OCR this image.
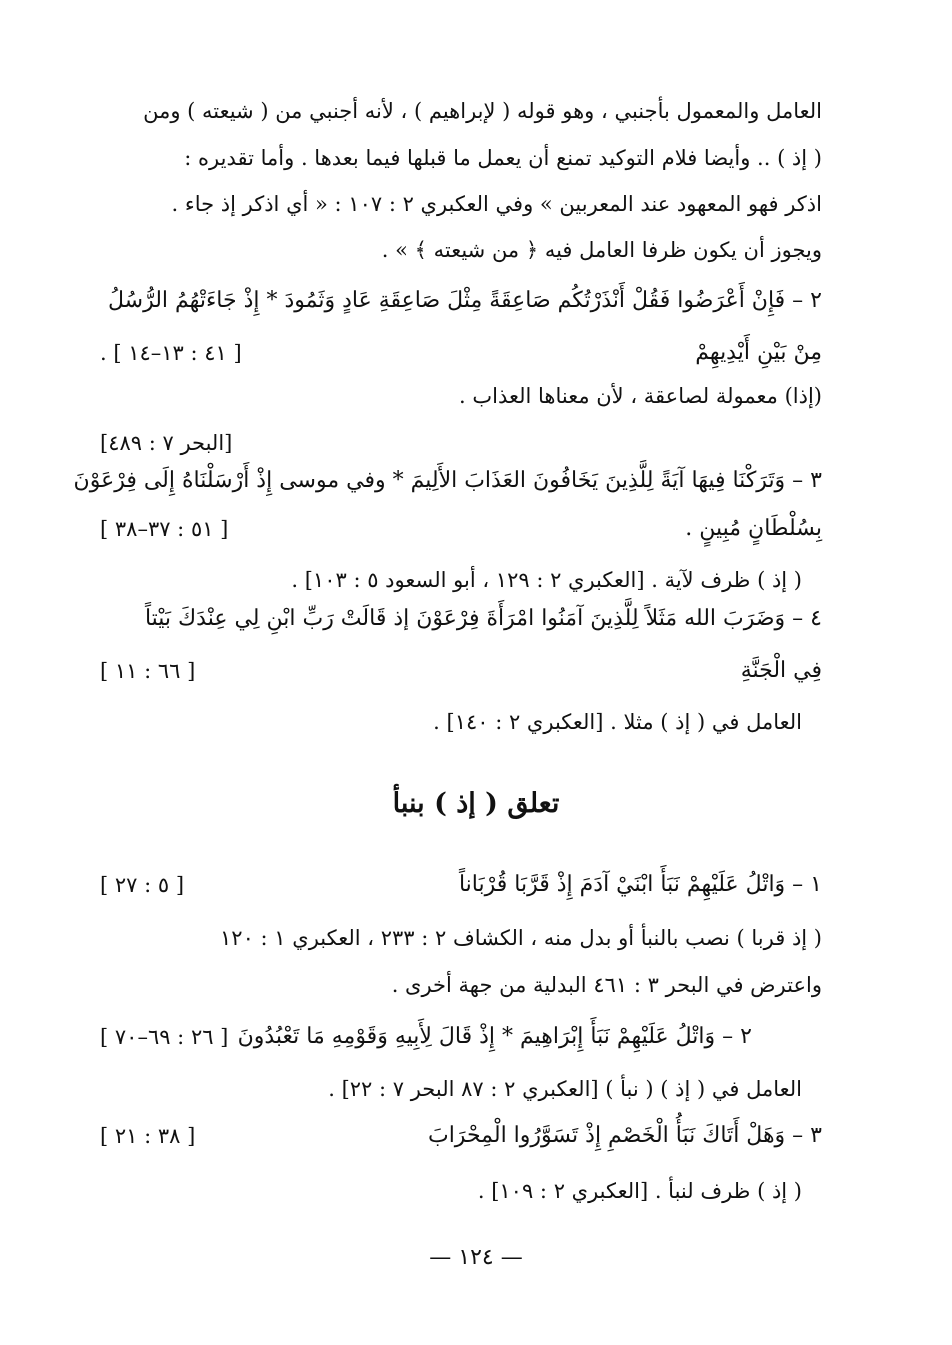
العامل والمعمول بأجنبي ، وهو قوله ( لإبراهيم ) ، لأنه أجنبي من ( شيعته ) ومن
( إذ ) .. وأيضا فلام التوكيد تمنع أن يعمل ما قبلها فيما بعدها . وأما تقديره :
اذكر فهو المعهود عند المعربين » وفي العكبري ٢ : ١٠٧ : « أي اذكر إذ جاء .
ويجوز أن يكون ظرفا العامل فيه ﴿ من شيعته ﴾ » .
٢ – فَإِنْ أَعْرَضُوا فَقُلْ أَنْذَرْتُكُم صَاعِقَةً مِثْلَ صَاعِقَةِ عَادٍ وَثَمُودَ * إِذْ جَاءَتْهُمُ الرُّسُلُ
مِنْ بَيْنِ أَيْدِيهِمْ
[ ٤١ : ١٣–١٤ ] .
(إذا) معمولة لصاعقة ، لأن معناها العذاب .
[البحر ٧ : ٤٨٩]
٣ – وَتَرَكْنَا فِيهَا آيَةً لِلَّذِينَ يَخَافُونَ العَذَابَ الأَلِيمَ * وفي موسى إِذْ أَرْسَلْنَاهُ إِلَى فِرْعَوْنَ
بِسُلْطَانٍ مُبِينٍ .
[ ٥١ : ٣٧–٣٨ ]
( إذ ) ظرف لآية . [العكبري ٢ : ١٢٩ ، أبو السعود ٥ : ١٠٣] .
٤ – وَضَرَبَ الله مَثَلاً لِلَّذِينَ آمَنُوا امْرَأَةَ فِرْعَوْنَ إذ قَالَتْ رَبِّ ابْنِ لِي عِنْدَكَ بَيْتاً
فِي الْجَنَّةِ
[ ٦٦ : ١١ ]
العامل في ( إذ ) مثلا . [العكبري ٢ : ١٤٠] .
تعلق ( إذ ) بنبأ
١ – وَاتْلُ عَلَيْهِمْ نَبَأَ ابْنَيْ آدَمَ إِذْ قَرَّبَا قُرْبَاناً
[ ٥ : ٢٧ ]
( إذ قربا ) نصب بالنبأ أو بدل منه ، الكشاف ٢ : ٢٣٣ ، العكبري ١ : ١٢٠
واعترض في البحر ٣ : ٤٦١ البدلية من جهة أخرى .
٢ – وَاتْلُ عَلَيْهِمْ نَبَأَ إِبْرَاهِيمَ * إِذْ قَالَ لِأَبِيهِ وَقَوْمِهِ مَا تَعْبُدُونَ
[ ٢٦ : ٦٩–٧٠ ]
العامل في ( إذ ) ( نبأ ) [العكبري ٢ : ٨٧ البحر ٧ : ٢٢] .
٣ – وَهَلْ أَتَاكَ نَبَأُ الْخَصْمِ إِذْ تَسَوَّرُوا الْمِحْرَابَ
[ ٣٨ : ٢١ ]
( إذ ) ظرف لنبأ . [العكبري ٢ : ١٠٩] .
— ١٢٤ —
